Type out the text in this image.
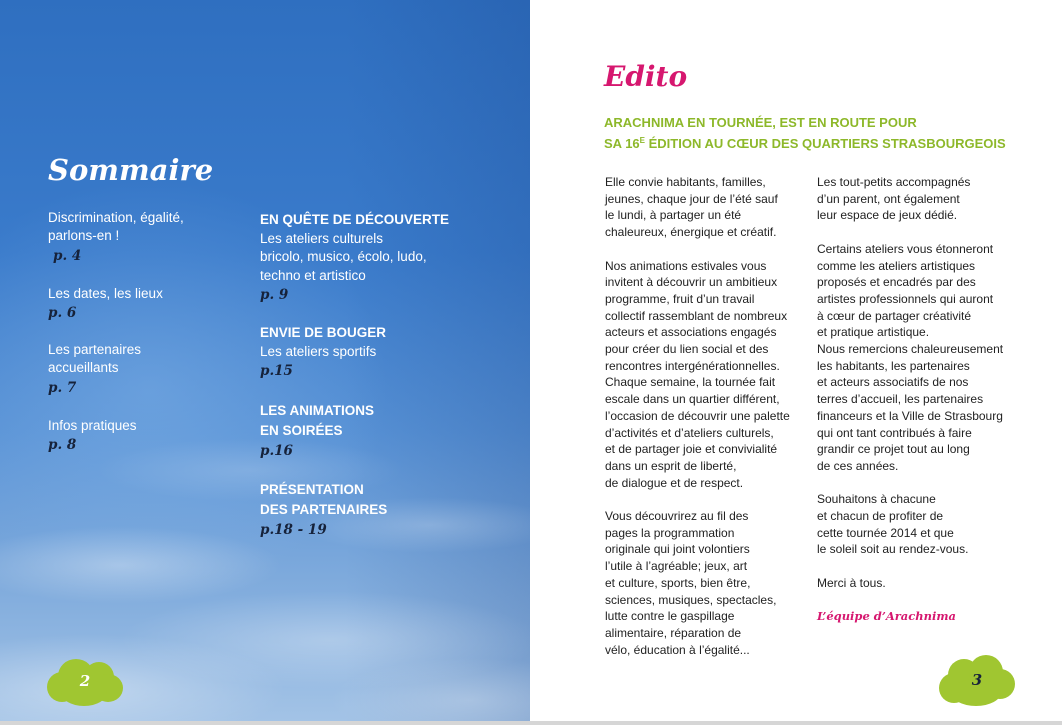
Sommaire
Discrimination, égalité,
parlons-en !
p. 4
Les dates, les lieux
p. 6
Les partenaires
accueillants
p. 7
Infos pratiques
p. 8
EN QUÊTE DE DÉCOUVERTE
Les ateliers culturels
bricolo, musico, écolo, ludo,
techno et artistico
p. 9
ENVIE DE BOUGER
Les ateliers sportifs
p.15
LES ANIMATIONS
EN SOIRÉES
p.16
PRÉSENTATION
DES PARTENAIRES
p.18 - 19
2
Edito
ARACHNIMA EN TOURNÉE, EST EN ROUTE POUR
SA $16^E$ ÉDITION AU CŒUR DES QUARTIERS STRASBOURGEOIS
Elle convie habitants, familles,
jeunes, chaque jour de l’été sauf
le lundi, à partager un été
chaleureux, énergique et créatif.
Nos animations estivales vous
invitent à découvrir un ambitieux
programme, fruit d’un travail
collectif rassemblant de nombreux
acteurs et associations engagés
pour créer du lien social et des
rencontres intergénérationnelles.
Chaque semaine, la tournée fait
escale dans un quartier différent,
l’occasion de découvrir une palette
d’activités et d’ateliers culturels,
et de partager joie et convivialité
dans un esprit de liberté,
de dialogue et de respect.
Vous découvrirez au fil des
pages la programmation
originale qui joint volontiers
l’utile à l’agréable; jeux, art
et culture, sports, bien être,
sciences, musiques, spectacles,
lutte contre le gaspillage
alimentaire, réparation de
vélo, éducation à l’égalité...
Les tout-petits accompagnés
d’un parent, ont également
leur espace de jeux dédié.
Certains ateliers vous étonneront
comme les ateliers artistiques
proposés et encadrés par des
artistes professionnels qui auront
à cœur de partager créativité
et pratique artistique.
Nous remercions chaleureusement
les habitants, les partenaires
et acteurs associatifs de nos
terres d’accueil, les partenaires
financeurs et la Ville de Strasbourg
qui ont tant contribués à faire
grandir ce projet tout au long
de ces années.
Souhaitons à chacune
et chacun de profiter de
cette tournée 2014 et que
le soleil soit au rendez-vous.
Merci à tous.
L’équipe d’Arachnima
3
